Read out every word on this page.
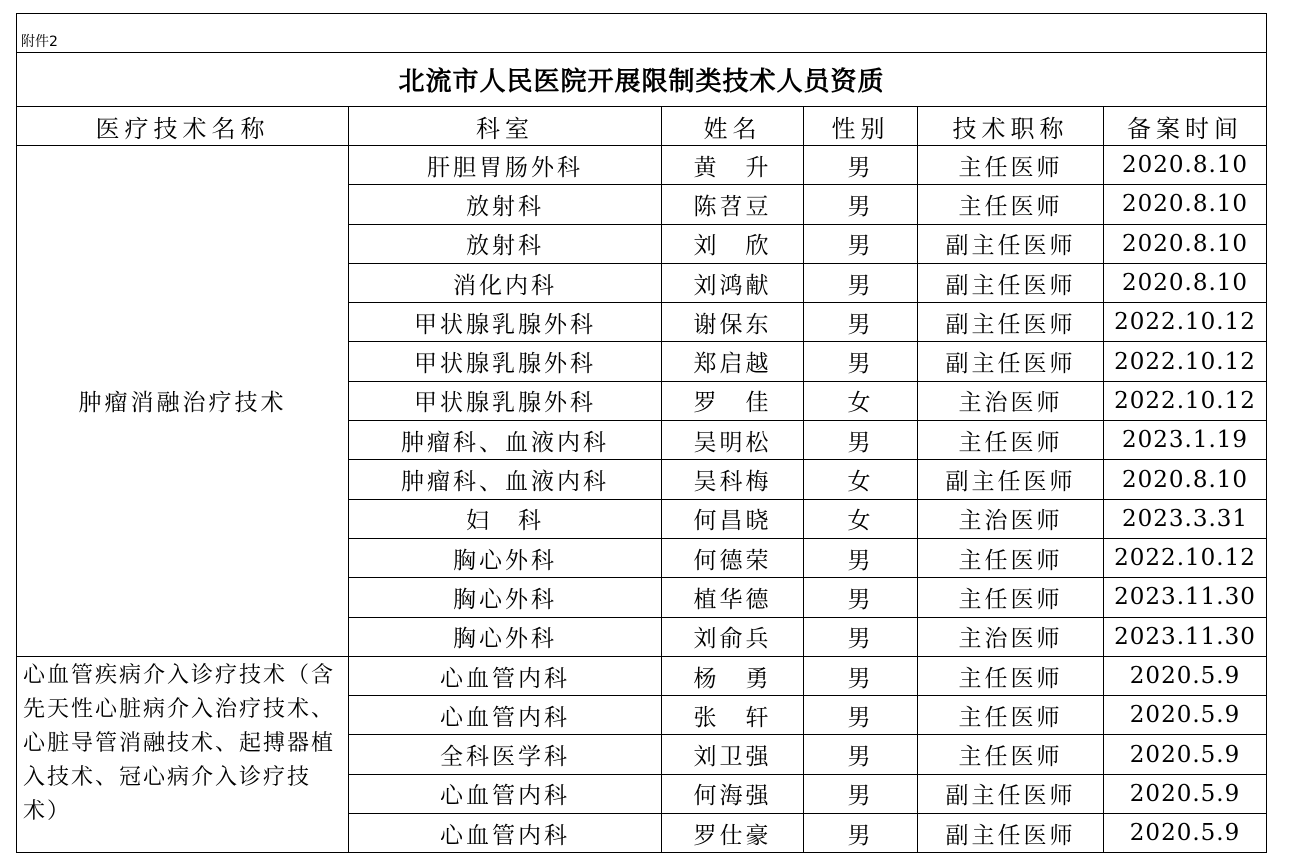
附件2					
北流市人民医院开展限制类技术人员资质					
医疗技术名称	科室	姓名	性别	技术职称	备案时间
肿瘤消融治疗技术	肝胆胃肠外科	黄　升	男	主任医师	2020.8.10
	放射科	陈苕豆	男	主任医师	2020.8.10
	放射科	刘　欣	男	副主任医师	2020.8.10
	消化内科	刘鸿献	男	副主任医师	2020.8.10
	甲状腺乳腺外科	谢保东	男	副主任医师	2022.10.12
	甲状腺乳腺外科	郑启越	男	副主任医师	2022.10.12
	甲状腺乳腺外科	罗　佳	女	主治医师	2022.10.12
	肿瘤科、血液内科	吴明松	男	主任医师	2023.1.19
	肿瘤科、血液内科	吴科梅	女	副主任医师	2020.8.10
	妇　科	何昌晓	女	主治医师	2023.3.31
	胸心外科	何德荣	男	主任医师	2022.10.12
	胸心外科	植华德	男	主任医师	2023.11.30
	胸心外科	刘俞兵	男	主治医师	2023.11.30
心血管疾病介入诊疗技术（含先天性心脏病介入治疗技术、心脏导管消融技术、起搏器植入技术、冠心病介入诊疗技术）	心血管内科	杨　勇	男	主任医师	2020.5.9
	心血管内科	张　轩	男	主任医师	2020.5.9
	全科医学科	刘卫强	男	主任医师	2020.5.9
	心血管内科	何海强	男	副主任医师	2020.5.9
	心血管内科	罗仕豪	男	副主任医师	2020.5.9
